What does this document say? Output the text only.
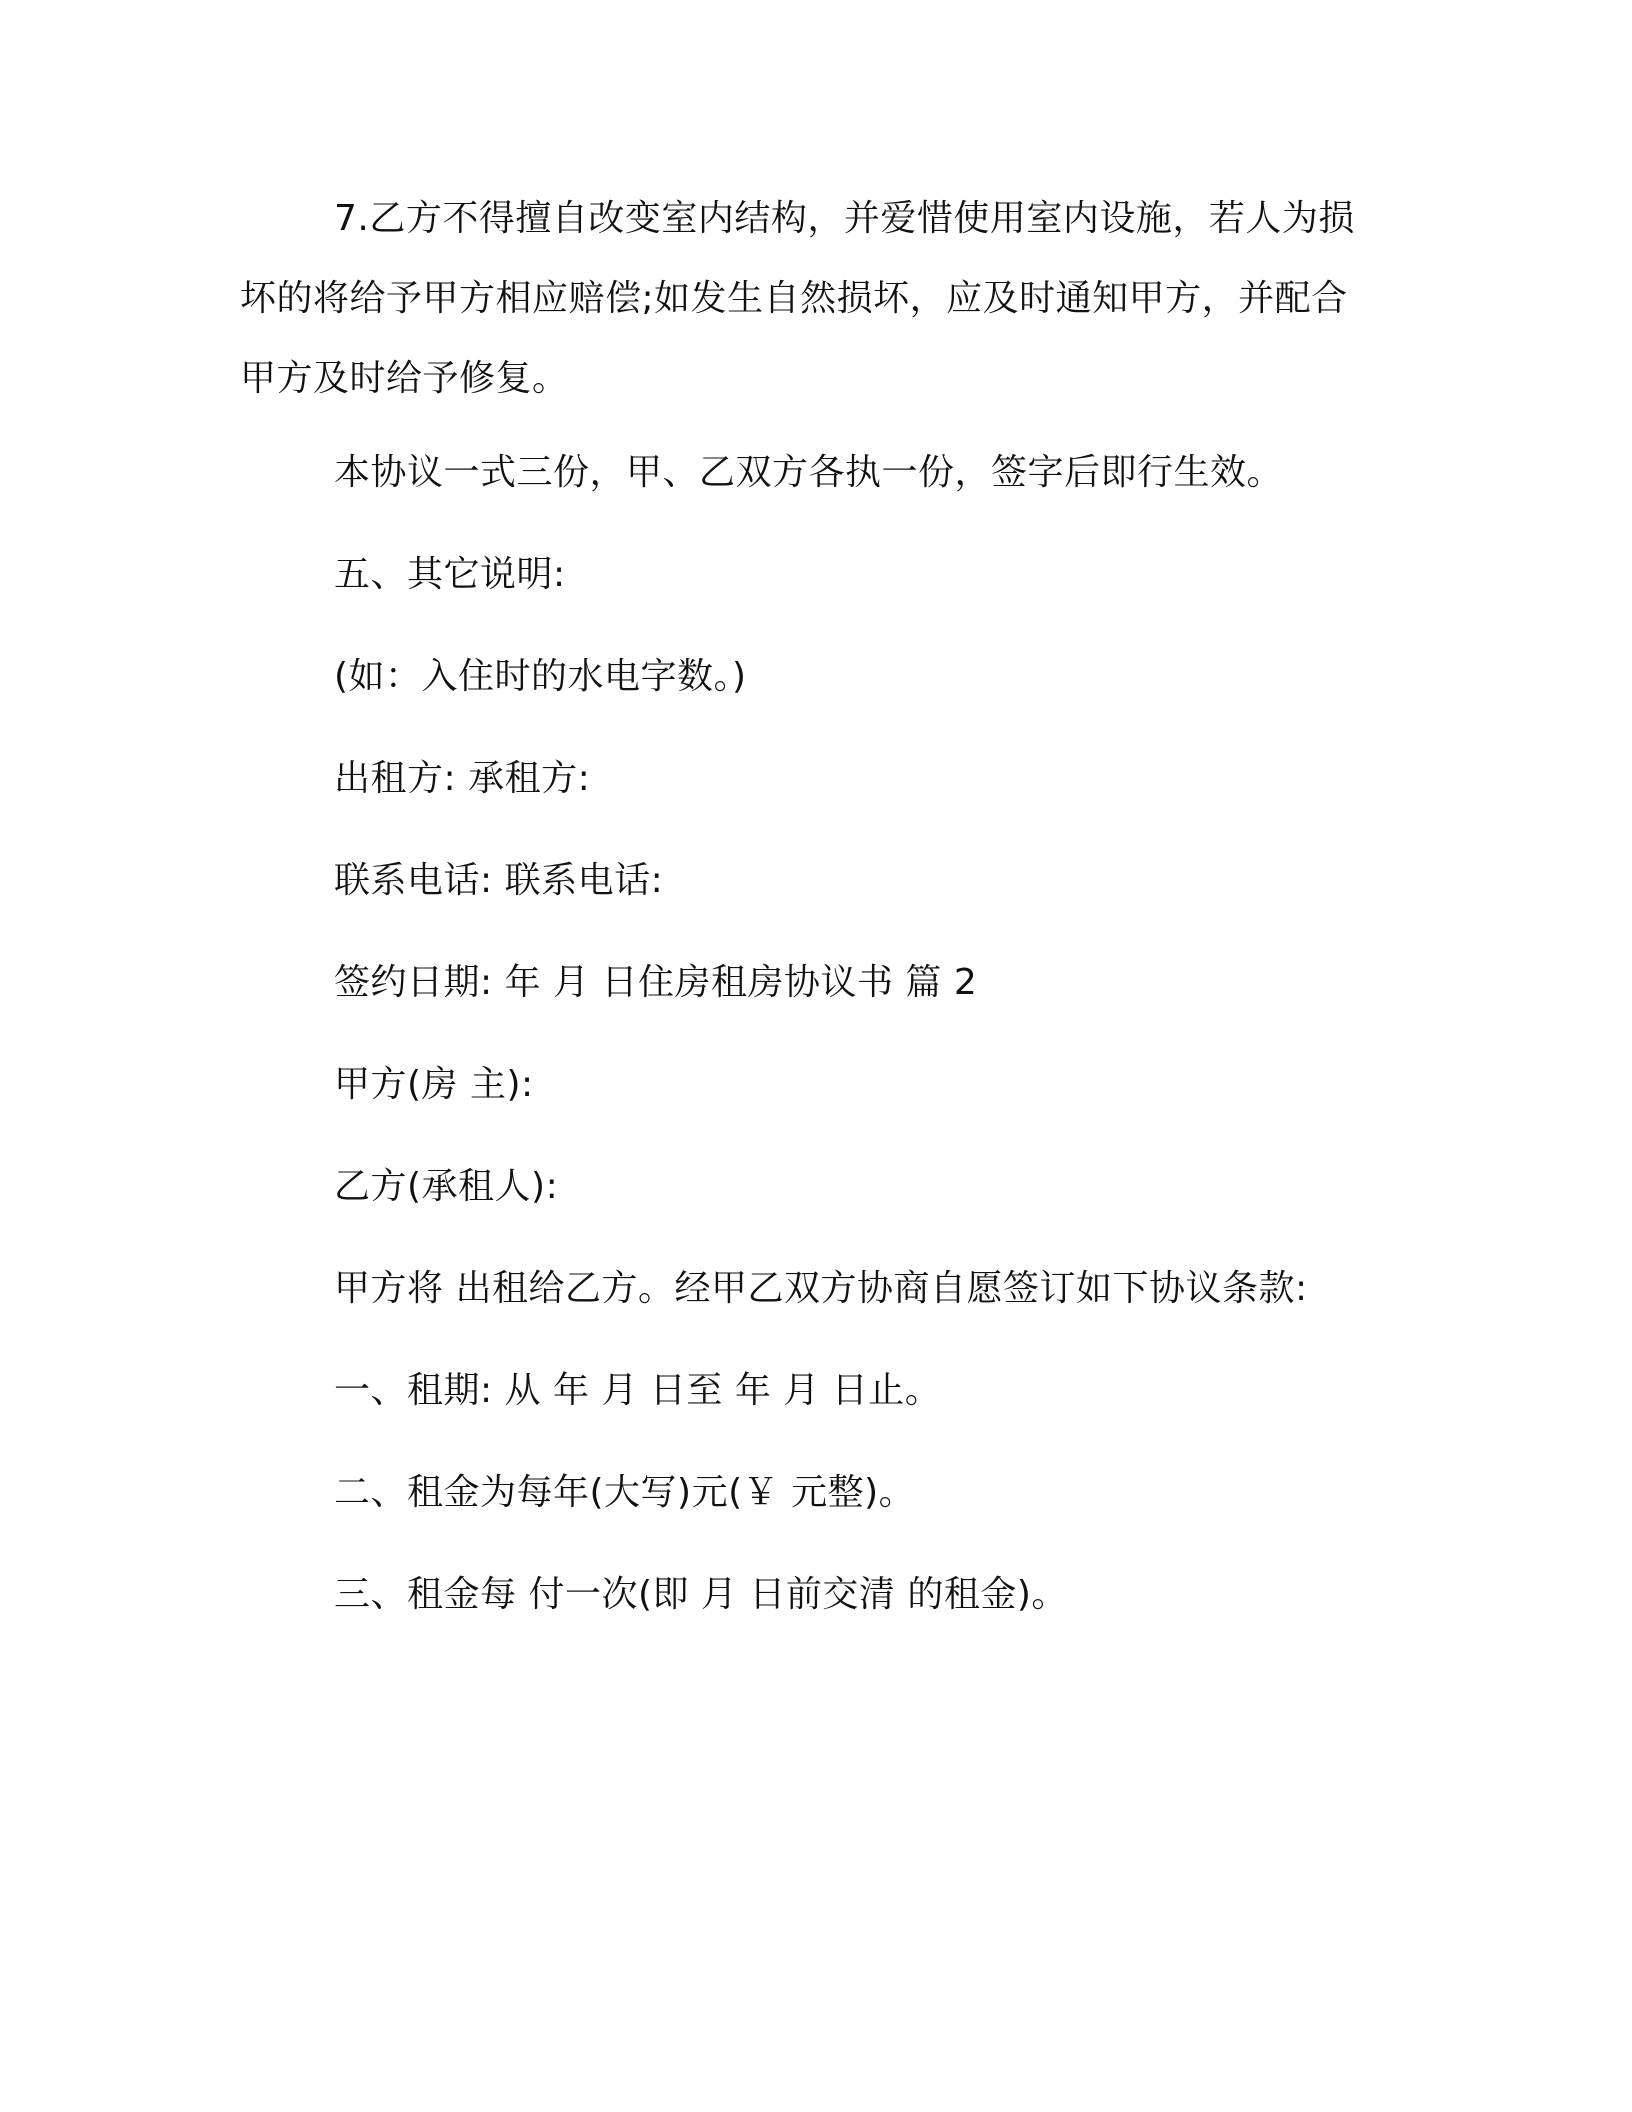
7.乙方不得擅自改变室内结构，并爱惜使用室内设施，若人为损坏的将给予甲方相应赔偿;如发生自然损坏，应及时通知甲方，并配合甲方及时给予修复。

本协议一式三份，甲、乙双方各执一份，签字后即行生效。

五、其它说明:

(如：入住时的水电字数。)

出租方: 承租方:

联系电话: 联系电话:

签约日期: 年 月 日住房租房协议书 篇 2

甲方(房 主):

乙方(承租人):

甲方将 出租给乙方。经甲乙双方协商自愿签订如下协议条款:

一、租期: 从 年 月 日至 年 月 日止。

二、租金为每年(大写)元(￥ 元整)。

三、租金每 付一次(即 月 日前交清 的租金)。
